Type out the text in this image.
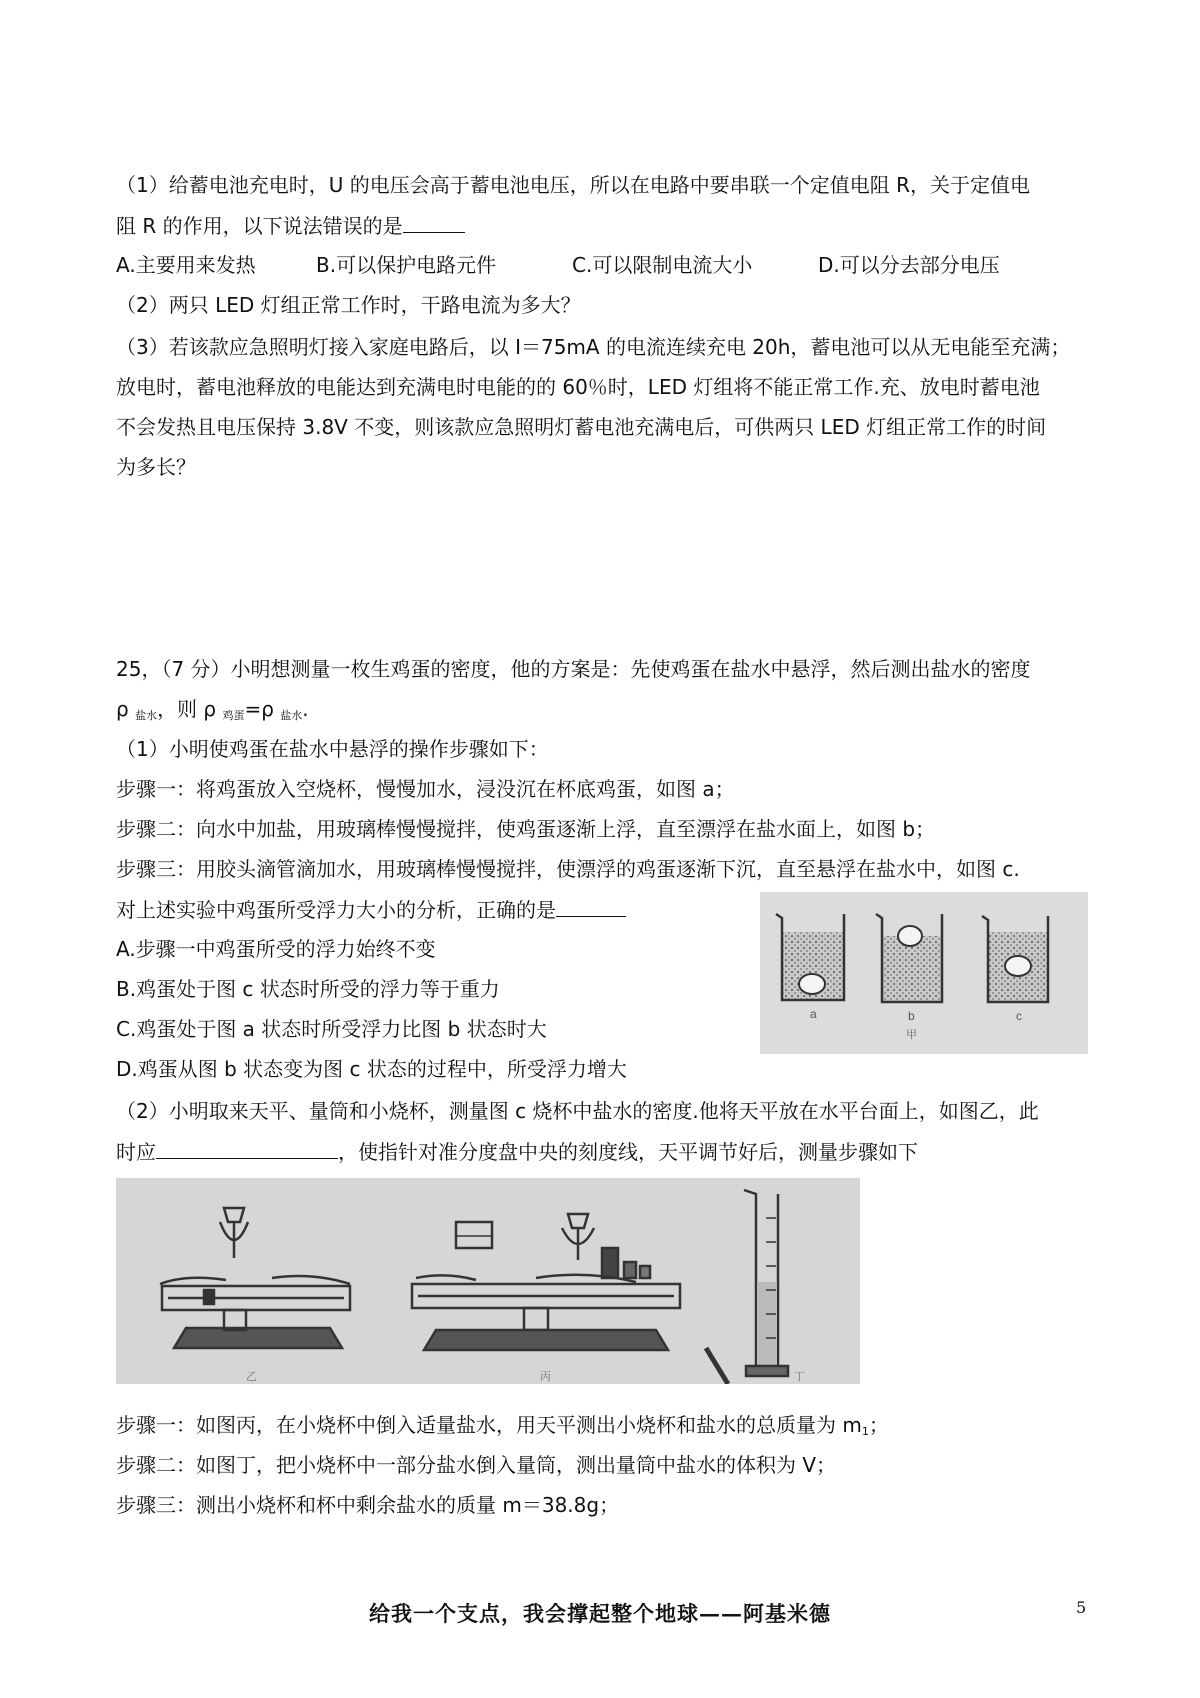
（1）给蓄电池充电时，U 的电压会高于蓄电池电压，所以在电路中要串联一个定值电阻 R，关于定值电
阻 R 的作用，以下说法错误的是
A.主要用来发热	B.可以保护电路元件	C.可以限制电流大小	D.可以分去部分电压
（2）两只 LED 灯组正常工作时，干路电流为多大？
（3）若该款应急照明灯接入家庭电路后，以 I＝75mA 的电流连续充电 20h，蓄电池可以从无电能至充满；
放电时，蓄电池释放的电能达到充满电时电能的的 60％时，LED 灯组将不能正常工作.充、放电时蓄电池
不会发热且电压保持 3.8V 不变，则该款应急照明灯蓄电池充满电后，可供两只 LED 灯组正常工作的时间
为多长？
25，（7 分）小明想测量一枚生鸡蛋的密度，他的方案是：先使鸡蛋在盐水中悬浮，然后测出盐水的密度
ρ $_{盐水}$，则 ρ $_{鸡蛋}$=ρ $_{盐水}$.
（1）小明使鸡蛋在盐水中悬浮的操作步骤如下：
步骤一：将鸡蛋放入空烧杯，慢慢加水，浸没沉在杯底鸡蛋，如图 a；
步骤二：向水中加盐，用玻璃棒慢慢搅拌，使鸡蛋逐渐上浮，直至漂浮在盐水面上，如图 b；
步骤三：用胶头滴管滴加水，用玻璃棒慢慢搅拌，使漂浮的鸡蛋逐渐下沉，直至悬浮在盐水中，如图 c.
对上述实验中鸡蛋所受浮力大小的分析，正确的是
A.步骤一中鸡蛋所受的浮力始终不变
B.鸡蛋处于图 c 状态时所受的浮力等于重力
C.鸡蛋处于图 a 状态时所受浮力比图 b 状态时大
D.鸡蛋从图 b 状态变为图 c 状态的过程中，所受浮力增大
a	b
甲
c
（2）小明取来天平、量筒和小烧杯，测量图 c 烧杯中盐水的密度.他将天平放在水平台面上，如图乙，此
时应	，使指针对准分度盘中央的刻度线，天平调节好后，测量步骤如下
乙	丙	丁
步骤一：如图丙，在小烧杯中倒入适量盐水，用天平测出小烧杯和盐水的总质量为 $m_1$；
步骤二：如图丁，把小烧杯中一部分盐水倒入量筒，测出量筒中盐水的体积为 V；
步骤三：测出小烧杯和杯中剩余盐水的质量 m＝38.8g；
给我一个支点，我会撑起整个地球——阿基米德	5
